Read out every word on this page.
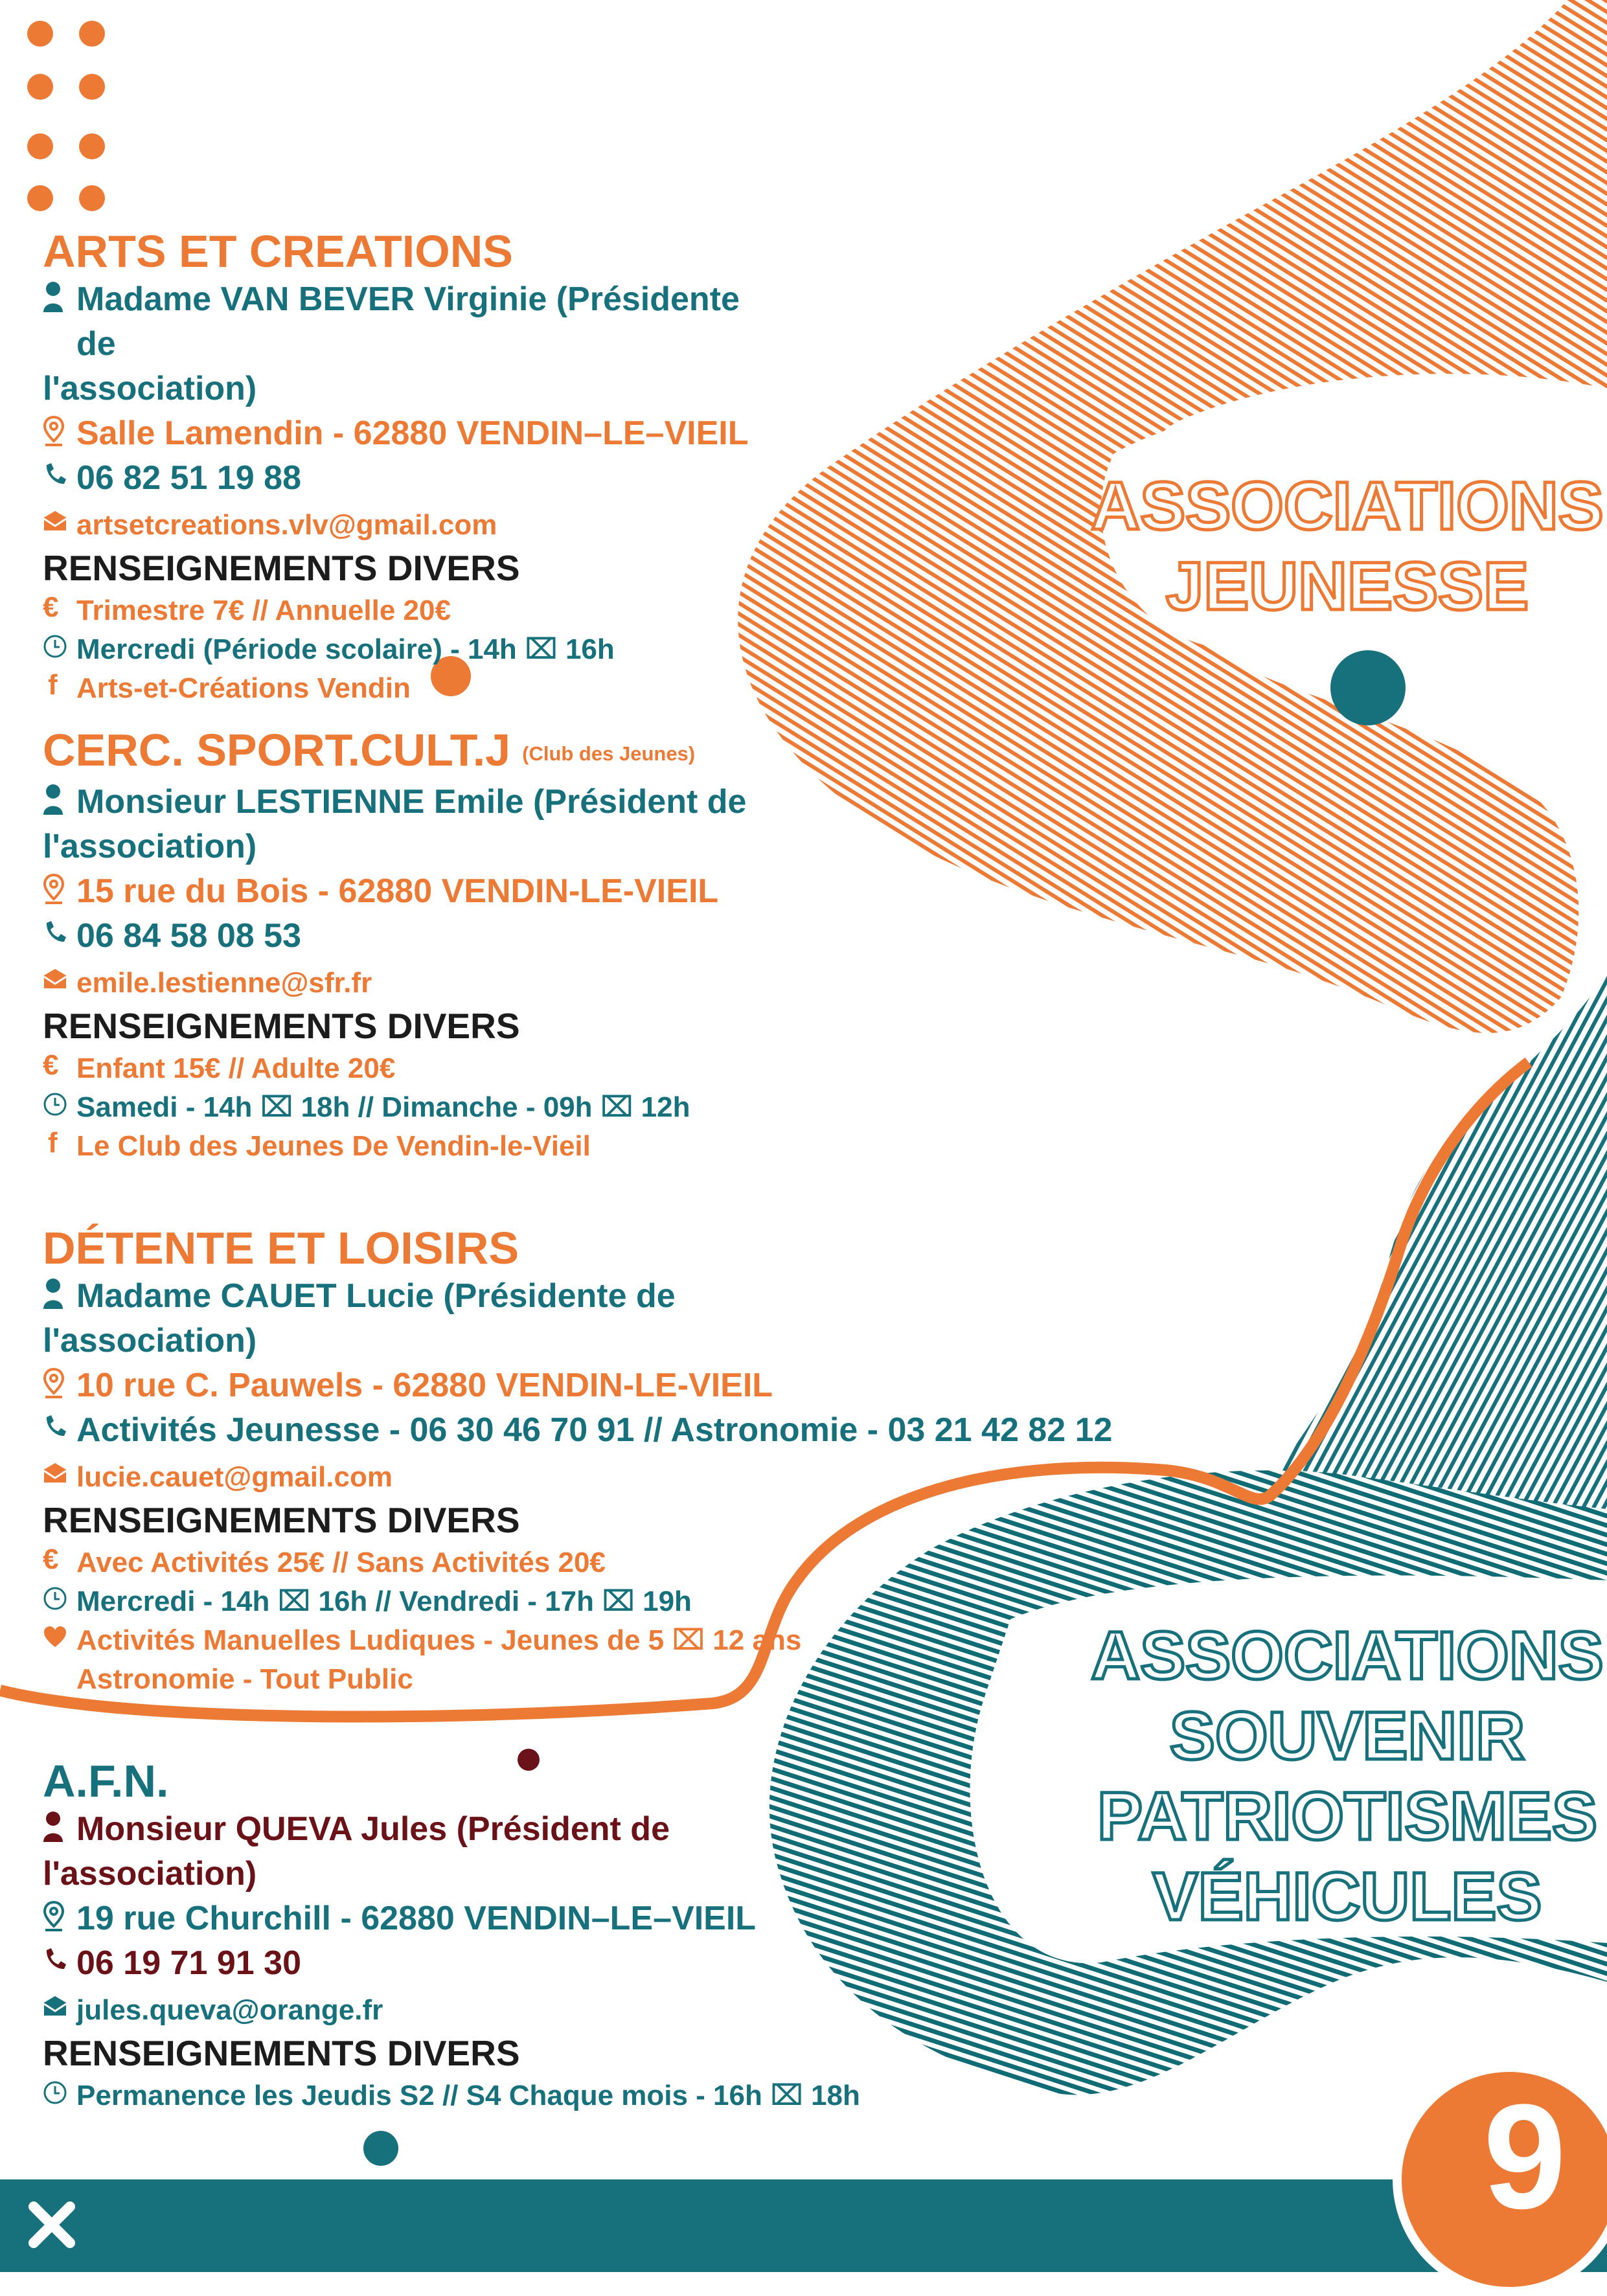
ASSOCIATIONS
JEUNESSE
ASSOCIATIONS
SOUVENIR
PATRIOTISMES
VÉHICULES
ARTS ET CREATIONS
Madame VAN BEVER Virginie (Présidente de
l'association)
Salle Lamendin - 62880 VENDIN–LE–VIEIL
06 82 51 19 88
artsetcreations.vlv@gmail.com
RENSEIGNEMENTS DIVERS
€ Trimestre 7€ // Annuelle 20€
Mercredi (Période scolaire) - 14h ⌧ 16h
f Arts-et-Créations Vendin
CERC. SPORT.CULT.J (Club des Jeunes)
Monsieur LESTIENNE Emile (Président de
l'association)
15 rue du Bois - 62880 VENDIN-LE-VIEIL
06 84 58 08 53
emile.lestienne@sfr.fr
RENSEIGNEMENTS DIVERS
€ Enfant 15€ // Adulte 20€
Samedi - 14h ⌧ 18h // Dimanche - 09h ⌧ 12h
f Le Club des Jeunes De Vendin-le-Vieil
DÉTENTE ET LOISIRS
Madame CAUET Lucie (Présidente de
l'association)
10 rue C. Pauwels - 62880 VENDIN-LE-VIEIL
Activités Jeunesse - 06 30 46 70 91 // Astronomie - 03 21 42 82 12
lucie.cauet@gmail.com
RENSEIGNEMENTS DIVERS
€ Avec Activités 25€ // Sans Activités 20€
Mercredi - 14h ⌧ 16h // Vendredi - 17h ⌧ 19h
Activités Manuelles Ludiques - Jeunes de 5 ⌧ 12 ans
Astronomie - Tout Public
A.F.N.
Monsieur QUEVA Jules (Président de
l'association)
19 rue Churchill - 62880 VENDIN–LE–VIEIL
06 19 71 91 30
jules.queva@orange.fr
RENSEIGNEMENTS DIVERS
Permanence les Jeudis S2 // S4 Chaque mois - 16h ⌧ 18h	9
